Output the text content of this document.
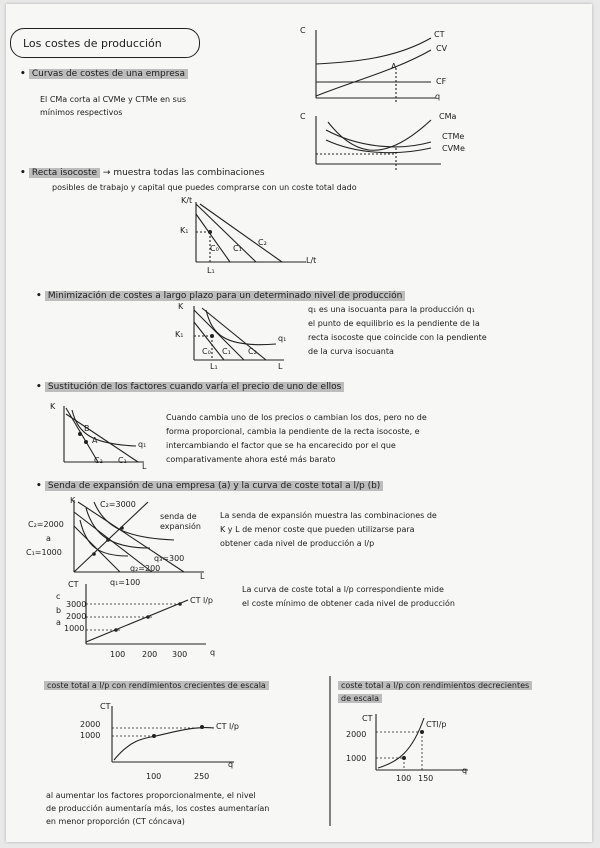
Los costes de producción
• Curvas de costes de una empresa
El CMa corta al CVMe y CTMe en sus
mínimos respectivos
C
q
CT
CV
CF
A
C	CMa
CTMe
CVMe
• Recta isocoste → muestra todas las combinaciones
posibles de trabajo y capital que puedes comprarse con un coste total dado
K/t
L/t
K₁
L₁
C₀ C₁
C₂
• Minimización de costes a largo plazo para un determinado nivel de producción
K
L
K₁
L₁
C₀ C₁ C₂
q₁
q₁ es una isocuanta para la producción q₁
el punto de equilibrio es la pendiente de la
recta isocoste que coincide con la pendiente
de la curva isocuanta
• Sustitución de los factores cuando varía el precio de uno de ellos
K
L
B
A	q₁
C₂ C₁
Cuando cambia uno de los precios o cambian los dos, pero no de
forma proporcional, cambia la pendiente de la recta isocoste, e
intercambiando el factor que se ha encarecido por el que
comparativamente ahora esté más barato
• Senda de expansión de una empresa (a) y la curva de coste total a l/p (b)
K
L
C₂=3000
senda de
expansión
C₂=2000
a
C₁=1000
q₃=300
q₂=200
q₁=100
La senda de expansión muestra las combinaciones de
K y L de menor coste que pueden utilizarse para
obtener cada nivel de producción a l/p
CT
q
CT l/p
3000
2000
1000
c
b
a
100 200 300
La curva de coste total a l/p correspondiente mide
el coste mínimo de obtener cada nivel de producción
coste total a l/p con rendimientos crecientes de escala
CT
q
CT l/p
2000
1000
100	250
al aumentar los factores proporcionalmente, el nivel
de producción aumentaría más, los costes aumentarían
en menor proporción (CT cóncava)
coste total a l/p con rendimientos decrecientes
de escala
CT
q
CTl/p
2000
1000
100 150
